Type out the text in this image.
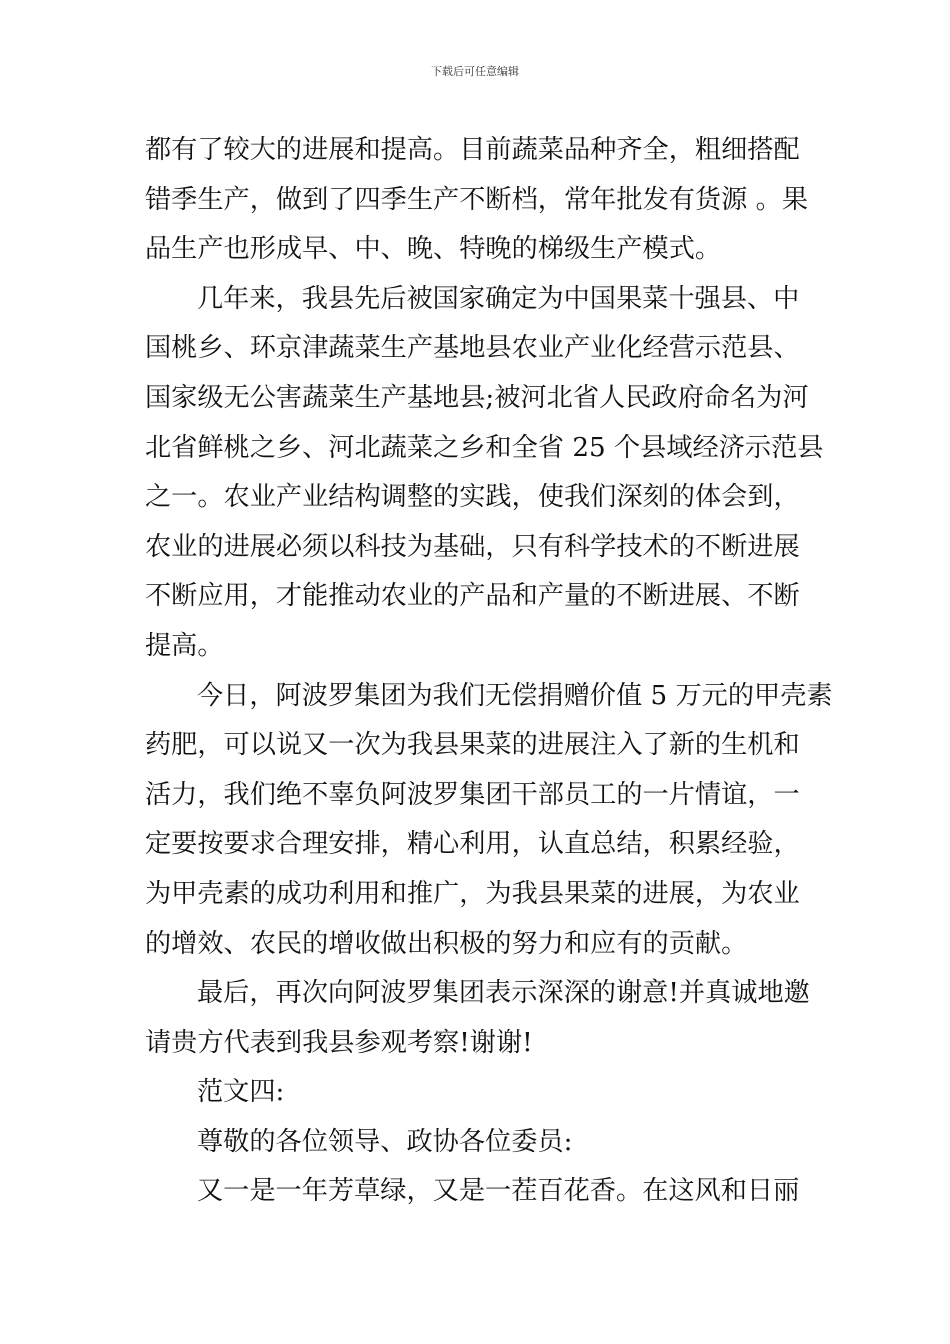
下载后可任意编辑
都有了较大的进展和提高。目前蔬菜品种齐全，粗细搭配
错季生产，做到了四季生产不断档，常年批发有货源 。果
品生产也形成早、中、晚、特晚的梯级生产模式。
几年来，我县先后被国家确定为中国果菜十强县、中
国桃乡、环京津蔬菜生产基地县农业产业化经营示范县、
国家级无公害蔬菜生产基地县;被河北省人民政府命名为河
北省鲜桃之乡、河北蔬菜之乡和全省 25 个县域经济示范县
之一。农业产业结构调整的实践，使我们深刻的体会到，
农业的进展必须以科技为基础，只有科学技术的不断进展
不断应用，才能推动农业的产品和产量的不断进展、不断
提高。
今日，阿波罗集团为我们无偿捐赠价值 5 万元的甲壳素
药肥，可以说又一次为我县果菜的进展注入了新的生机和
活力，我们绝不辜负阿波罗集团干部员工的一片情谊，一
定要按要求合理安排，精心利用，认直总结，积累经验，
为甲壳素的成功利用和推广，为我县果菜的进展，为农业
的增效、农民的增收做出积极的努力和应有的贡献。
最后，再次向阿波罗集团表示深深的谢意!并真诚地邀
请贵方代表到我县参观考察!谢谢!
范文四:
尊敬的各位领导、政协各位委员:
又一是一年芳草绿，又是一茬百花香。在这风和日丽
